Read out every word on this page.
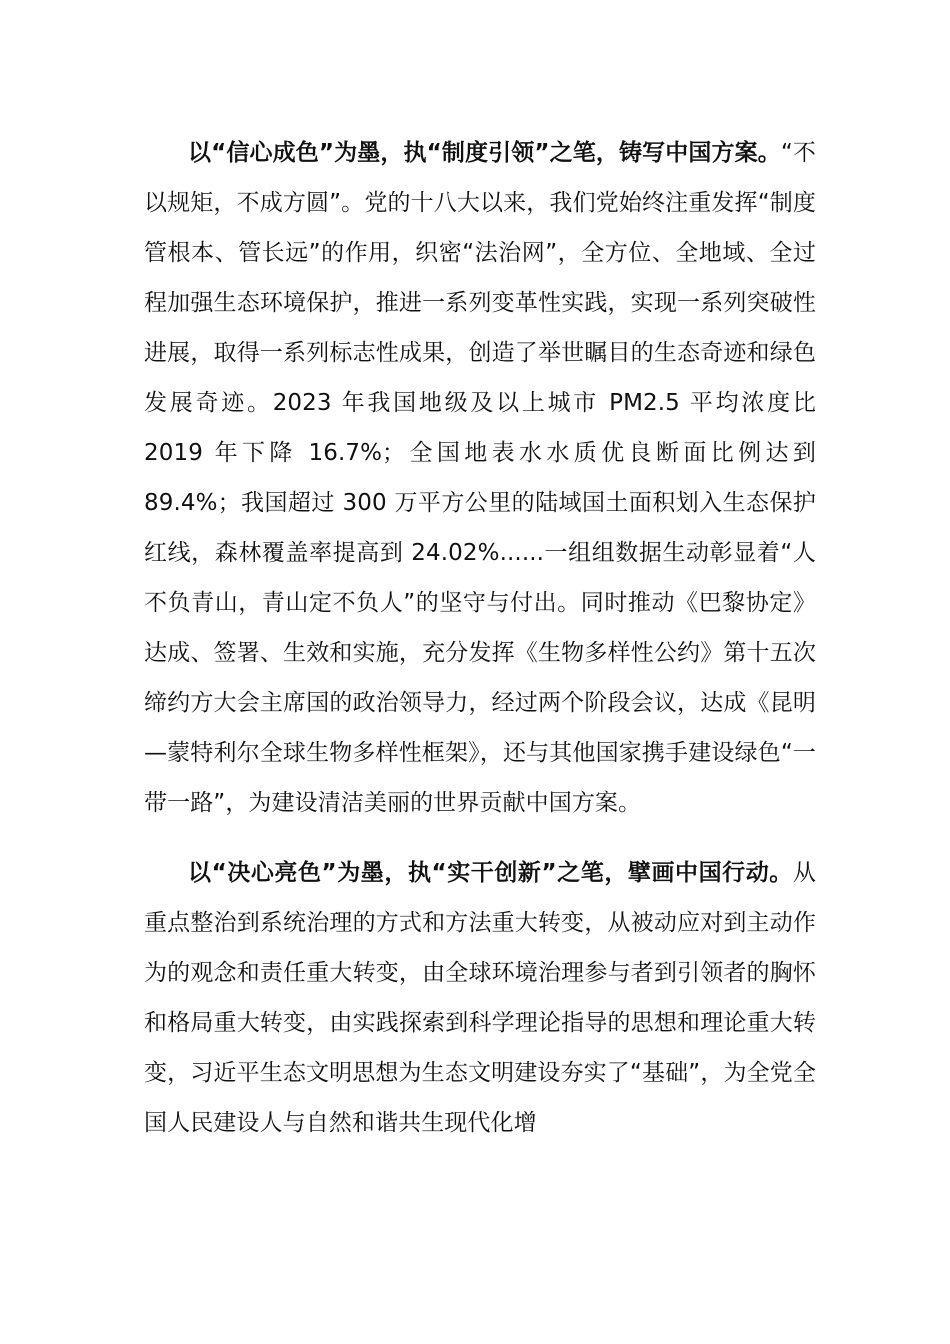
以“信心成色”为墨，执“制度引领”之笔，铸写中国方案。“不以规矩，不成方圆”。党的十八大以来，我们党始终注重发挥“制度管根本、管长远”的作用，织密“法治网”，全方位、全地域、全过程加强生态环境保护，推进一系列变革性实践，实现一系列突破性进展，取得一系列标志性成果，创造了举世瞩目的生态奇迹和绿色发展奇迹。2023 年我国地级及以上城市 PM2.5 平均浓度比 2019 年下降 16.7%；全国地表水水质优良断面比例达到 89.4%；我国超过 300 万平方公里的陆域国土面积划入生态保护红线，森林覆盖率提高到 24.02%......一组组数据生动彰显着“人不负青山，青山定不负人”的坚守与付出。同时推动《巴黎协定》达成、签署、生效和实施，充分发挥《生物多样性公约》第十五次缔约方大会主席国的政治领导力，经过两个阶段会议，达成《昆明—蒙特利尔全球生物多样性框架》，还与其他国家携手建设绿色“一带一路”，为建设清洁美丽的世界贡献中国方案。

以“决心亮色”为墨，执“实干创新”之笔，擘画中国行动。从重点整治到系统治理的方式和方法重大转变，从被动应对到主动作为的观念和责任重大转变，由全球环境治理参与者到引领者的胸怀和格局重大转变，由实践探索到科学理论指导的思想和理论重大转变，习近平生态文明思想为生态文明建设夯实了“基础”，为全党全国人民建设人与自然和谐共生现代化增
